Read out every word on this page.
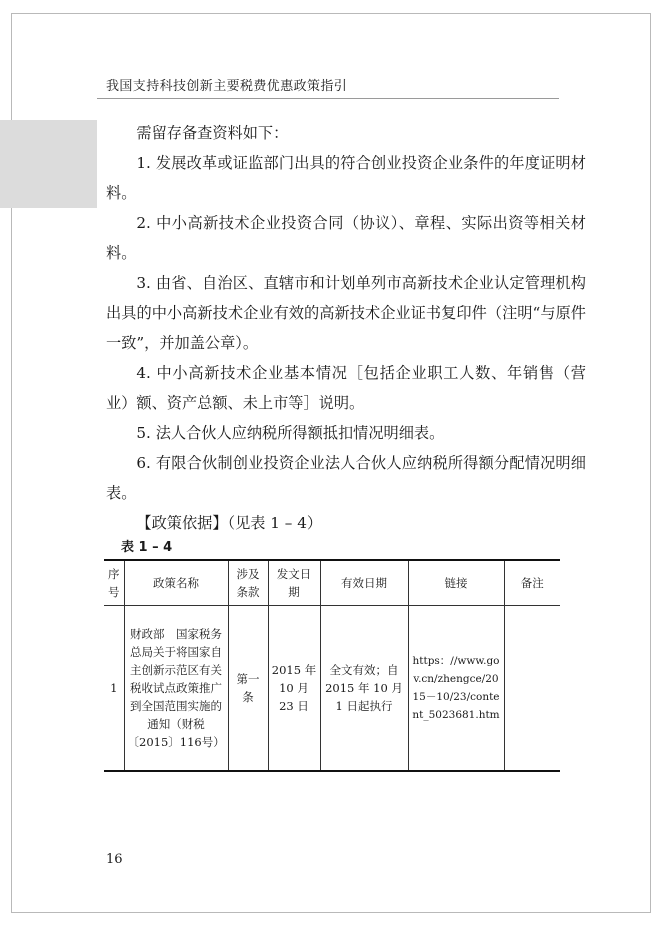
我国支持科技创新主要税费优惠政策指引

需留存备查资料如下：

1. 发展改革或证监部门出具的符合创业投资企业条件的年度证明材料。

2. 中小高新技术企业投资合同（协议）、章程、实际出资等相关材料。

3. 由省、自治区、直辖市和计划单列市高新技术企业认定管理机构出具的中小高新技术企业有效的高新技术企业证书复印件（注明“与原件一致”，并加盖公章）。

4. 中小高新技术企业基本情况［包括企业职工人数、年销售（营业）额、资产总额、未上市等］说明。

5. 法人合伙人应纳税所得额抵扣情况明细表。

6. 有限合伙制创业投资企业法人合伙人应纳税所得额分配情况明细表。

【政策依据】（见表 1 – 4）

表 1 – 4
序号	政策名称	涉及条款	发文日期	有效日期	链接	备注
1	财政部　国家税务总局关于将国家自主创新示范区有关税收试点政策推广到全国范围实施的通知（财税〔2015〕116号）	第一条	2015 年 10 月 23 日	全文有效；自 2015 年 10 月 1 日起执行	https：//www.gov.cn/zhengce/2015－10/23/content_5023681.htm	
16
